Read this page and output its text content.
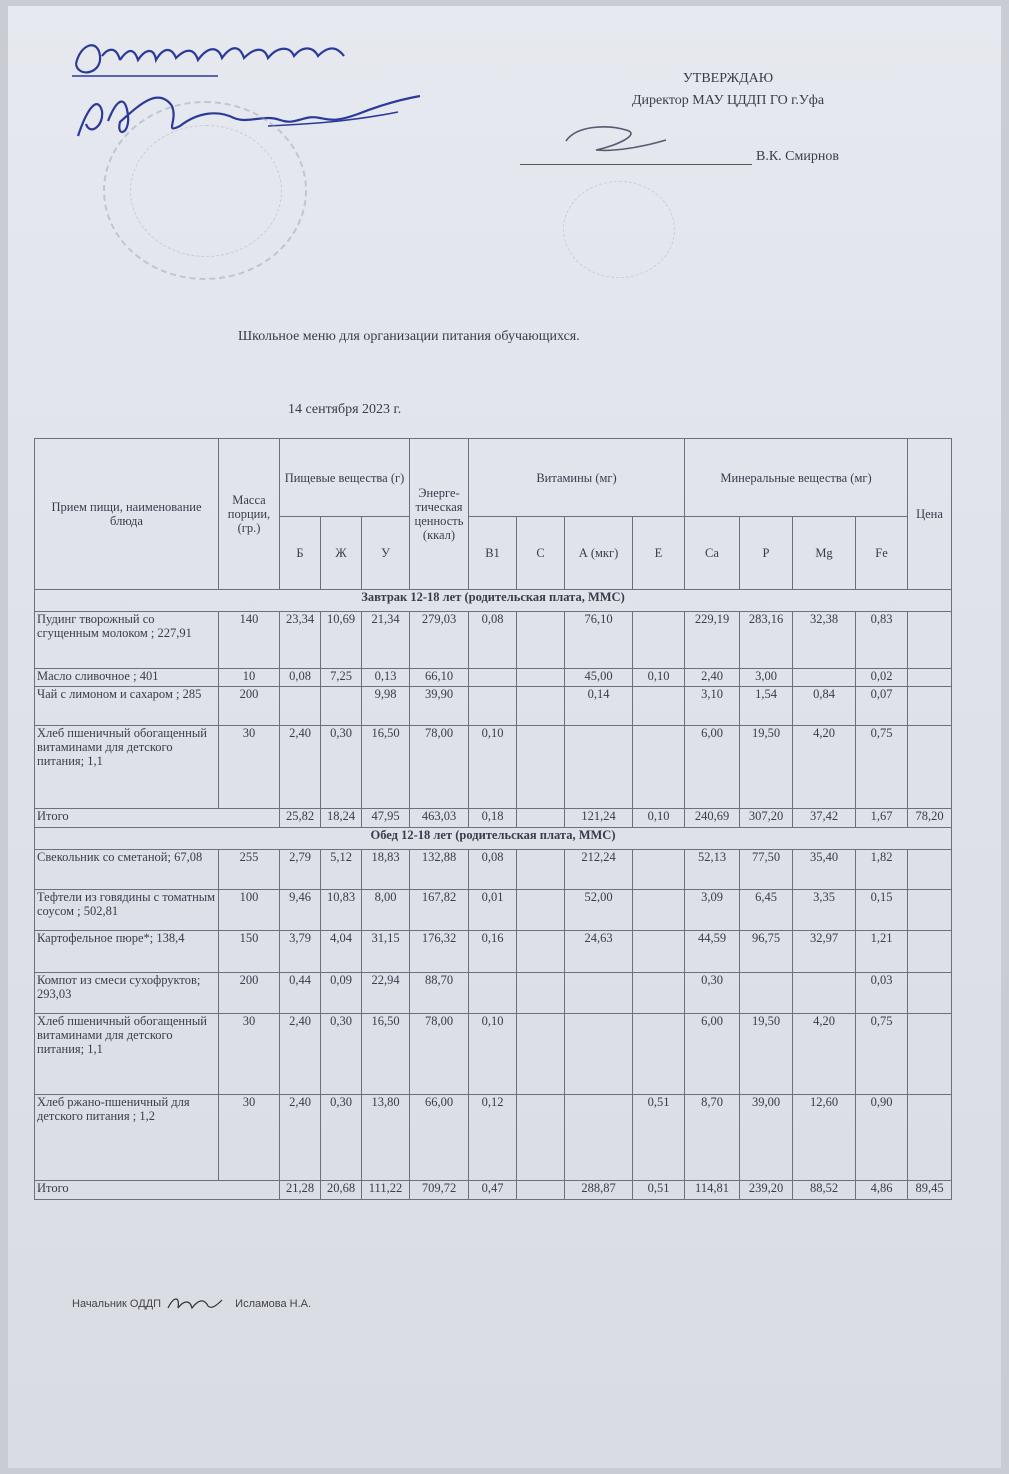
УТВЕРЖДАЮ
Директор МАУ ЦДДП ГО г.Уфа
В.К. Смирнов
Школьное меню для организации питания обучающихся.
14 сентября 2023 г.
Прием пищи, наименование блюда	Масса порции, (гр.)	Пищевые вещества (г)			Энерге-тическая ценность (ккал)	Витамины (мг)				Минеральные вещества (мг)				Цена
		Б	Ж	У		В1	С	А (мкг)	Е	Са	Р	Мg	Fe	
Завтрак 12-18 лет (родительская плата, ММС)														
Пудинг творожный со сгущенным молоком ; 227,91	140	23,34	10,69	21,34	279,03	0,08		76,10		229,19	283,16	32,38	0,83	
Масло сливочное ; 401	10	0,08	7,25	0,13	66,10			45,00	0,10	2,40	3,00		0,02	
Чай с лимоном и сахаром ; 285	200			9,98	39,90			0,14		3,10	1,54	0,84	0,07	
Хлеб пшеничный обогащенный витаминами для детского питания; 1,1	30	2,40	0,30	16,50	78,00	0,10				6,00	19,50	4,20	0,75	
Итого		25,82	18,24	47,95	463,03	0,18		121,24	0,10	240,69	307,20	37,42	1,67	78,20
Обед 12-18 лет (родительская плата, ММС)														
Свекольник со сметаной; 67,08	255	2,79	5,12	18,83	132,88	0,08		212,24		52,13	77,50	35,40	1,82	
Тефтели из говядины с томатным соусом ; 502,81	100	9,46	10,83	8,00	167,82	0,01		52,00		3,09	6,45	3,35	0,15	
Картофельное пюре*; 138,4	150	3,79	4,04	31,15	176,32	0,16		24,63		44,59	96,75	32,97	1,21	
Компот из смеси сухофруктов; 293,03	200	0,44	0,09	22,94	88,70					0,30			0,03	
Хлеб пшеничный обогащенный витаминами для детского питания; 1,1	30	2,40	0,30	16,50	78,00	0,10				6,00	19,50	4,20	0,75	
Хлеб ржано-пшеничный для детского питания ; 1,2	30	2,40	0,30	13,80	66,00	0,12			0,51	8,70	39,00	12,60	0,90	
Итого		21,28	20,68	111,22	709,72	0,47		288,87	0,51	114,81	239,20	88,52	4,86	89,45
Начальник ОДДП	Исламова Н.А.
